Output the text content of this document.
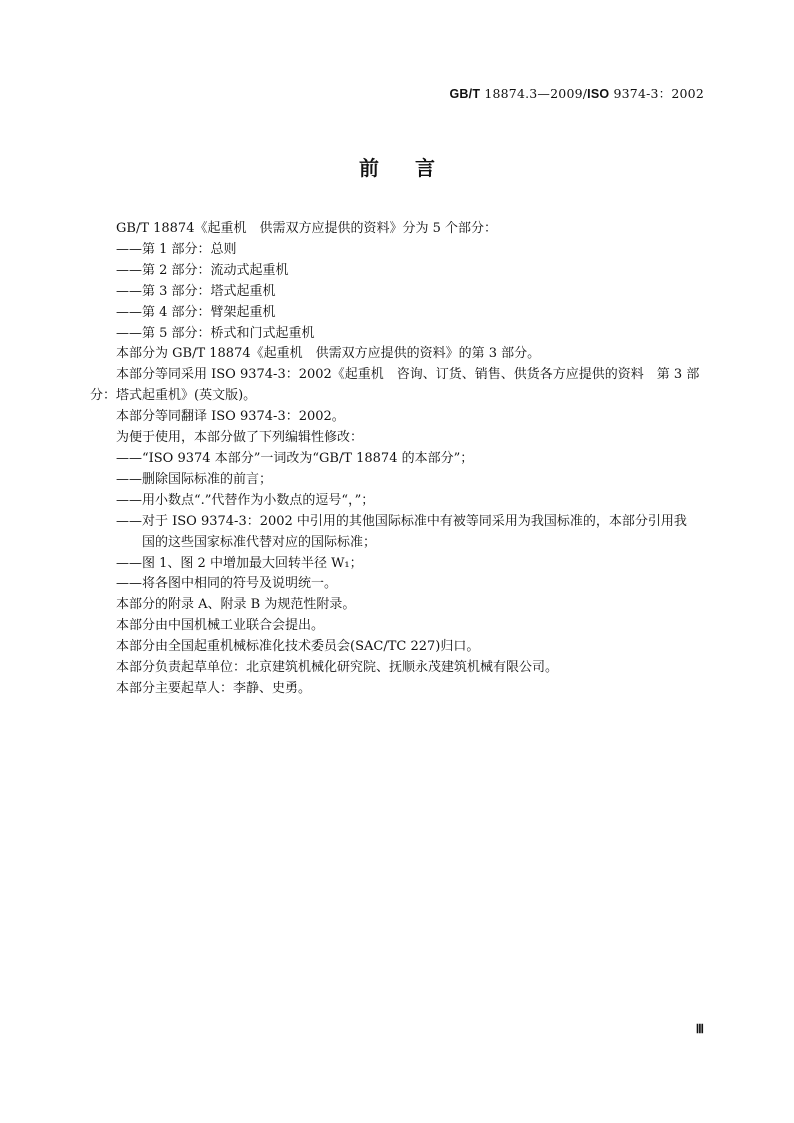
GB/T 18874.3—2009/ISO 9374-3：2002
前言

GB/T 18874《起重机　供需双方应提供的资料》分为 5 个部分：

——第 1 部分：总则

——第 2 部分：流动式起重机

——第 3 部分：塔式起重机

——第 4 部分：臂架起重机

——第 5 部分：桥式和门式起重机

本部分为 GB/T 18874《起重机　供需双方应提供的资料》的第 3 部分。

本部分等同采用 ISO 9374-3：2002《起重机　咨询、订货、销售、供货各方应提供的资料　第 3 部分：塔式起重机》(英文版)。

本部分等同翻译 ISO 9374-3：2002。

为便于使用，本部分做了下列编辑性修改：

——“ISO 9374 本部分”一词改为“GB/T 18874 的本部分”；

——删除国际标准的前言；

——用小数点“.”代替作为小数点的逗号“，”；

——对于 ISO 9374-3：2002 中引用的其他国际标准中有被等同采用为我国标准的，本部分引用我
国的这些国家标准代替对应的国际标准；

——图 1、图 2 中增加最大回转半径 W₁；

——将各图中相同的符号及说明统一。

本部分的附录 A、附录 B 为规范性附录。

本部分由中国机械工业联合会提出。

本部分由全国起重机械标准化技术委员会(SAC/TC 227)归口。

本部分负责起草单位：北京建筑机械化研究院、抚顺永茂建筑机械有限公司。

本部分主要起草人：李静、史勇。

Ⅲ
